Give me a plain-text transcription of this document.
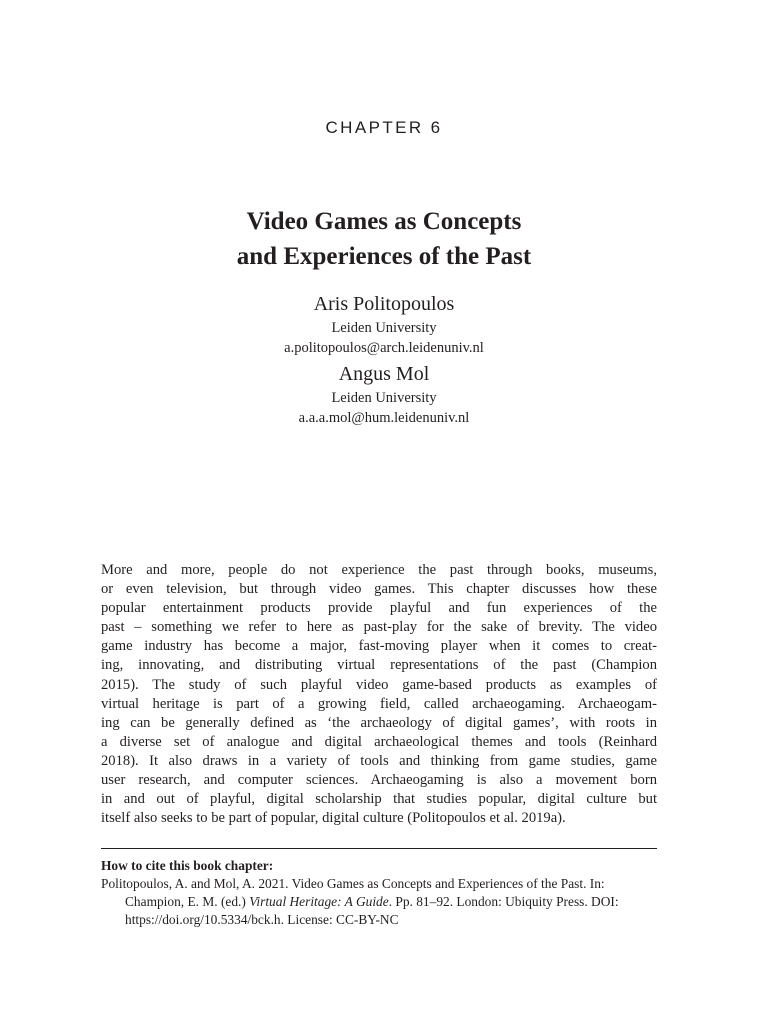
CHAPTER 6
Video Games as Concepts
and Experiences of the Past

Aris Politopoulos

Leiden University

a.politopoulos@arch.leidenuniv.nl

Angus Mol

Leiden University

a.a.a.mol@hum.leidenuniv.nl

More and more, people do not experience the past through books, museums,
or even television, but through video games. This chapter discusses how these
popular entertainment products provide playful and fun experiences of the
past – something we refer to here as past-play for the sake of brevity. The video
game industry has become a major, fast-moving player when it comes to creat-
ing, innovating, and distributing virtual representations of the past (Champion
2015). The study of such playful video game-based products as examples of
virtual heritage is part of a growing field, called archaeogaming. Archaeogam-
ing can be generally defined as ‘the archaeology of digital games’, with roots in
a diverse set of analogue and digital archaeological themes and tools (Reinhard
2018). It also draws in a variety of tools and thinking from game studies, game
user research, and computer sciences. Archaeogaming is also a movement born
in and out of playful, digital scholarship that studies popular, digital culture but
itself also seeks to be part of popular, digital culture (Politopoulos et al. 2019a).

How to cite this book chapter:

Politopoulos, A. and Mol, A. 2021. Video Games as Concepts and Experiences of the Past. In: Champion, E. M. (ed.) Virtual Heritage: A Guide. Pp. 81–92. London: Ubiquity Press. DOI: https://doi.org/10.5334/bck.h. License: CC-BY-NC
